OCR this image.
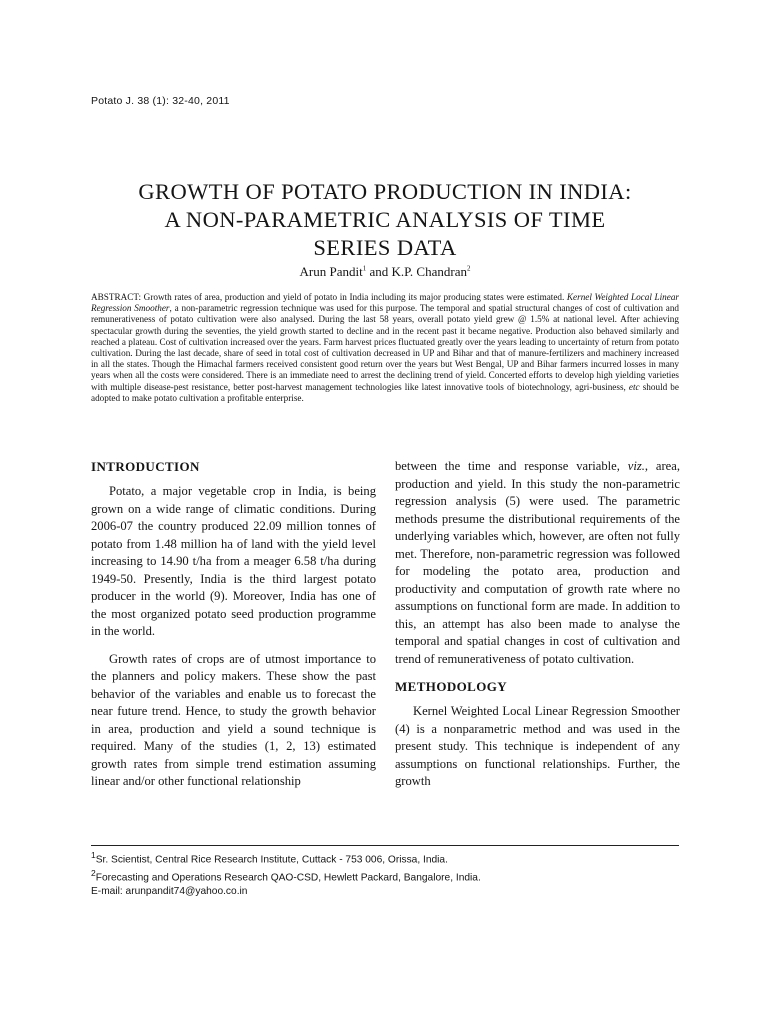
Potato J. 38 (1): 32-40, 2011
GROWTH OF POTATO PRODUCTION IN INDIA:
A NON-PARAMETRIC ANALYSIS OF TIME
SERIES DATA
Arun Pandit$^1$ and K.P. Chandran$^2$

ABSTRACT: Growth rates of area, production and yield of potato in India including its major producing states were estimated. Kernel Weighted Local Linear Regression Smoother, a non-parametric regression technique was used for this purpose. The temporal and spatial structural changes of cost of cultivation and remunerativeness of potato cultivation were also analysed. During the last 58 years, overall potato yield grew @ 1.5% at national level. After achieving spectacular growth during the seventies, the yield growth started to decline and in the recent past it became negative. Production also behaved similarly and reached a plateau. Cost of cultivation increased over the years. Farm harvest prices fluctuated greatly over the years leading to uncertainty of return from potato cultivation. During the last decade, share of seed in total cost of cultivation decreased in UP and Bihar and that of manure-fertilizers and machinery increased in all the states. Though the Himachal farmers received consistent good return over the years but West Bengal, UP and Bihar farmers incurred losses in many years when all the costs were considered. There is an immediate need to arrest the declining trend of yield. Concerted efforts to develop high yielding varieties with multiple disease-pest resistance, better post-harvest management technologies like latest innovative tools of biotechnology, agri-business, etc should be adopted to make potato cultivation a profitable enterprise.

INTRODUCTION

Potato, a major vegetable crop in India, is being grown on a wide range of climatic conditions. During 2006-07 the country produced 22.09 million tonnes of potato from 1.48 million ha of land with the yield level increasing to 14.90 t/ha from a meager 6.58 t/ha during 1949-50. Presently, India is the third largest potato producer in the world (9). Moreover, India has one of the most organized potato seed production programme in the world.

Growth rates of crops are of utmost importance to the planners and policy makers. These show the past behavior of the variables and enable us to forecast the near future trend. Hence, to study the growth behavior in area, production and yield a sound technique is required. Many of the studies (1, 2, 13) estimated growth rates from simple trend estimation assuming linear and/or other functional relationship

between the time and response variable, viz., area, production and yield. In this study the non-parametric regression analysis (5) were used. The parametric methods presume the distributional requirements of the underlying variables which, however, are often not fully met. Therefore, non-parametric regression was followed for modeling the potato area, production and productivity and computation of growth rate where no assumptions on functional form are made. In addition to this, an attempt has also been made to analyse the temporal and spatial changes in cost of cultivation and trend of remunerativeness of potato cultivation.

METHODOLOGY

Kernel Weighted Local Linear Regression Smoother (4) is a nonparametric method and was used in the present study. This technique is independent of any assumptions on functional relationships. Further, the growth

$^1$Sr. Scientist, Central Rice Research Institute, Cuttack - 753 006, Orissa, India.
$^2$Forecasting and Operations Research QAO-CSD, Hewlett Packard, Bangalore, India.
E-mail: arunpandit74@yahoo.co.in
